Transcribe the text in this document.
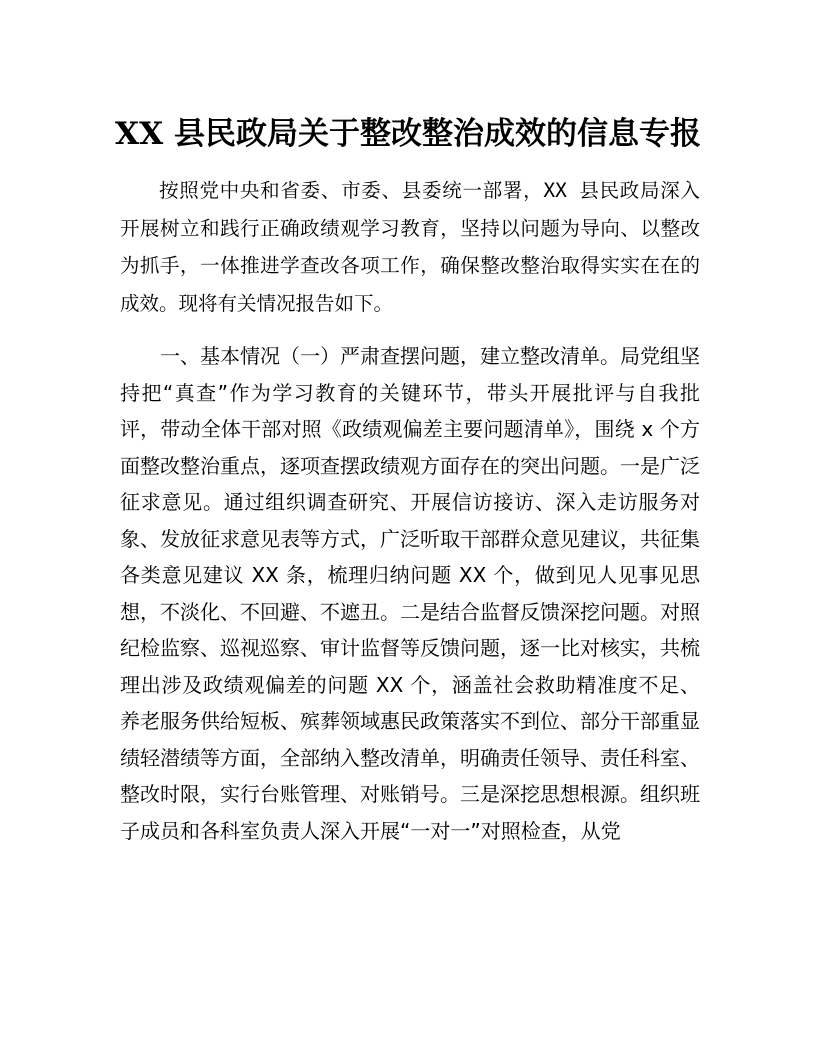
XX 县民政局关于整改整治成效的信息专报

按照党中央和省委、市委、县委统一部署，XX 县民政局深入开展树立和践行正确政绩观学习教育，坚持以问题为导向、以整改为抓手，一体推进学查改各项工作，确保整改整治取得实实在在的成效。现将有关情况报告如下。

一、基本情况（一）严肃查摆问题，建立整改清单。局党组坚持把“真查”作为学习教育的关键环节，带头开展批评与自我批评，带动全体干部对照《政绩观偏差主要问题清单》，围绕 x 个方面整改整治重点，逐项查摆政绩观方面存在的突出问题。一是广泛征求意见。通过组织调查研究、开展信访接访、深入走访服务对象、发放征求意见表等方式，广泛听取干部群众意见建议，共征集各类意见建议 XX 条，梳理归纳问题 XX 个，做到见人见事见思想，不淡化、不回避、不遮丑。二是结合监督反馈深挖问题。对照纪检监察、巡视巡察、审计监督等反馈问题，逐一比对核实，共梳理出涉及政绩观偏差的问题 XX 个，涵盖社会救助精准度不足、养老服务供给短板、殡葬领域惠民政策落实不到位、部分干部重显绩轻潜绩等方面，全部纳入整改清单，明确责任领导、责任科室、整改时限，实行台账管理、对账销号。三是深挖思想根源。组织班子成员和各科室负责人深入开展“一对一”对照检查，从党
